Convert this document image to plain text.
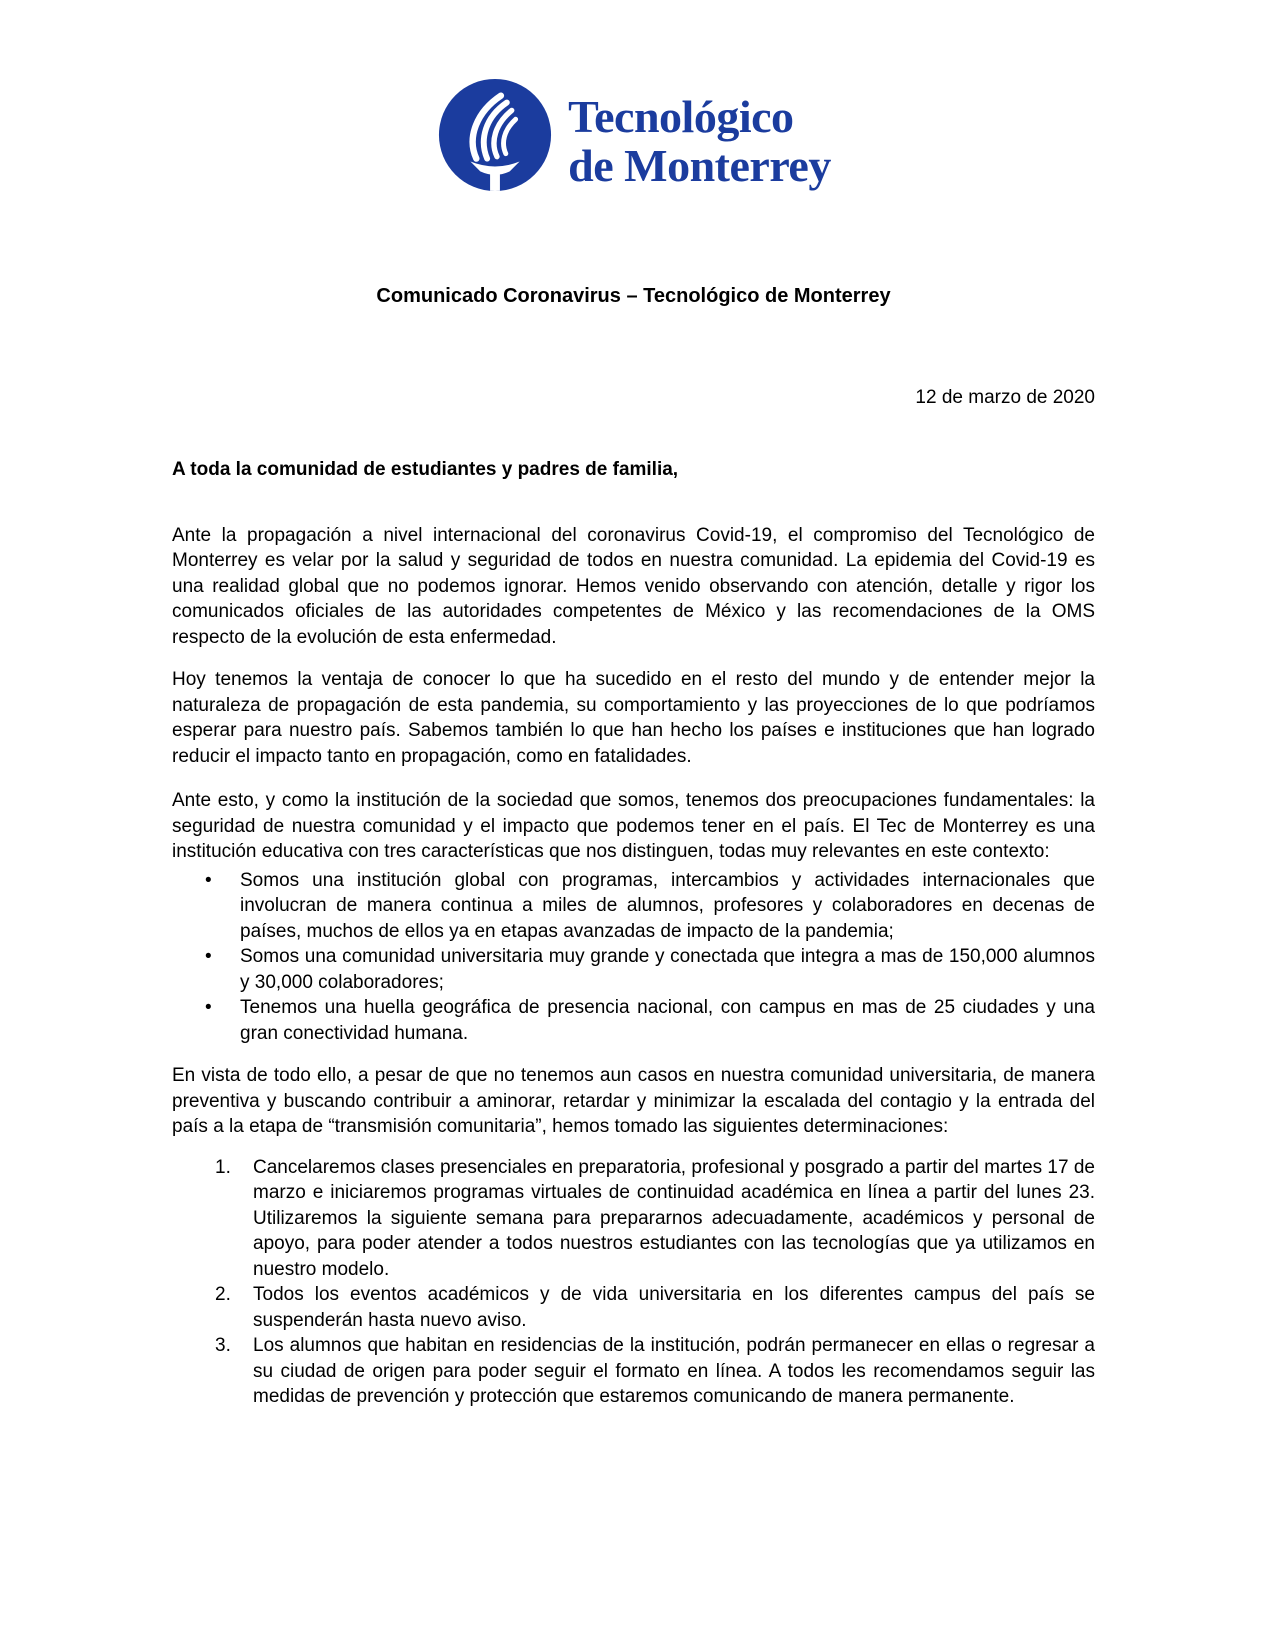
Tecnológico
de Monterrey
Comunicado Coronavirus – Tecnológico de Monterrey
12 de marzo de 2020
A toda la comunidad de estudiantes y padres de familia,
Ante la propagación a nivel internacional del coronavirus Covid-19, el compromiso del Tecnológico de Monterrey es velar por la salud y seguridad de todos en nuestra comunidad. La epidemia del Covid-19 es una realidad global que no podemos ignorar. Hemos venido observando con atención, detalle y rigor los comunicados oficiales de las autoridades competentes de México y las recomendaciones de la OMS respecto de la evolución de esta enfermedad.
Hoy tenemos la ventaja de conocer lo que ha sucedido en el resto del mundo y de entender mejor la naturaleza de propagación de esta pandemia, su comportamiento y las proyecciones de lo que podríamos esperar para nuestro país. Sabemos también lo que han hecho los países e instituciones que han logrado reducir el impacto tanto en propagación, como en fatalidades.
Ante esto, y como la institución de la sociedad que somos, tenemos dos preocupaciones fundamentales: la seguridad de nuestra comunidad y el impacto que podemos tener en el país. El Tec de Monterrey es una institución educativa con tres características que nos distinguen, todas muy relevantes en este contexto:
• Somos una institución global con programas, intercambios y actividades internacionales que involucran de manera continua a miles de alumnos, profesores y colaboradores en decenas de países, muchos de ellos ya en etapas avanzadas de impacto de la pandemia;
• Somos una comunidad universitaria muy grande y conectada que integra a mas de 150,000 alumnos y 30,000 colaboradores;
• Tenemos una huella geográfica de presencia nacional, con campus en mas de 25 ciudades y una gran conectividad humana.
En vista de todo ello, a pesar de que no tenemos aun casos en nuestra comunidad universitaria, de manera preventiva y buscando contribuir a aminorar, retardar y minimizar la escalada del contagio y la entrada del país a la etapa de “transmisión comunitaria”, hemos tomado las siguientes determinaciones:
1. Cancelaremos clases presenciales en preparatoria, profesional y posgrado a partir del martes 17 de marzo e iniciaremos programas virtuales de continuidad académica en línea a partir del lunes 23. Utilizaremos la siguiente semana para prepararnos adecuadamente, académicos y personal de apoyo, para poder atender a todos nuestros estudiantes con las tecnologías que ya utilizamos en nuestro modelo.
2. Todos los eventos académicos y de vida universitaria en los diferentes campus del país se suspenderán hasta nuevo aviso.
3. Los alumnos que habitan en residencias de la institución, podrán permanecer en ellas o regresar a su ciudad de origen para poder seguir el formato en línea. A todos les recomendamos seguir las medidas de prevención y protección que estaremos comunicando de manera permanente.
